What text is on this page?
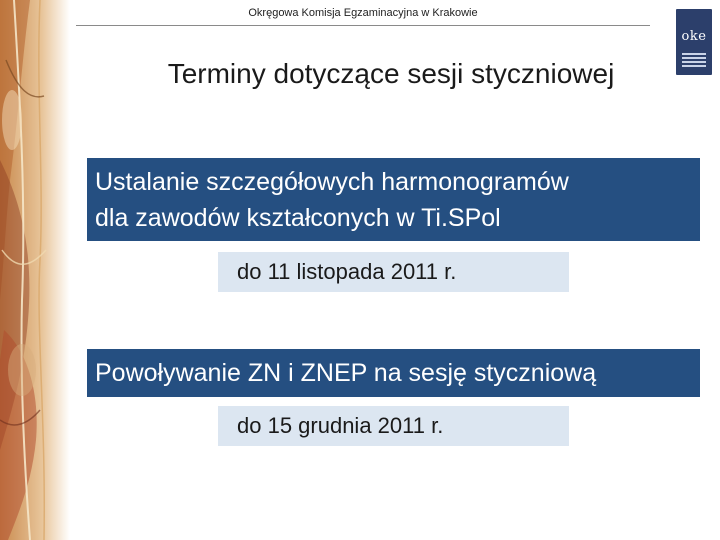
Okręgowa Komisja Egzaminacyjna w Krakowie
oke
Terminy dotyczące sesji styczniowej
Ustalanie szczegółowych harmonogramów
dla zawodów kształconych w Ti.SPol
do 11 listopada 2011 r.
Powoływanie ZN i ZNEP na sesję styczniową
do 15 grudnia 2011 r.
